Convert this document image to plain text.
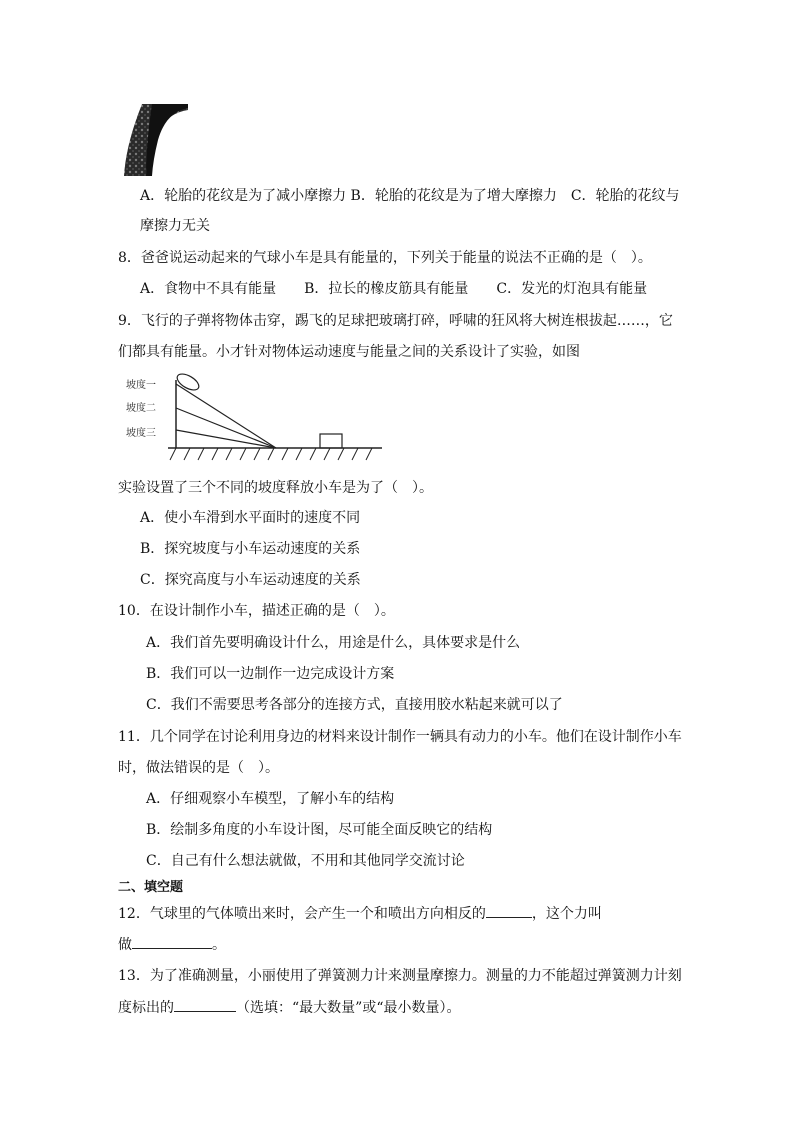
A．轮胎的花纹是为了减小摩擦力 B．轮胎的花纹是为了增大摩擦力　C．轮胎的花纹与
摩擦力无关
8．爸爸说运动起来的气球小车是具有能量的，下列关于能量的说法不正确的是（　）。
A．食物中不具有能量　　B．拉长的橡皮筋具有能量　　C．发光的灯泡具有能量
9．飞行的子弹将物体击穿，踢飞的足球把玻璃打碎，呼啸的狂风将大树连根拔起……，它
们都具有能量。小才针对物体运动速度与能量之间的关系设计了实验，如图
坡度一
坡度二
坡度三
实验设置了三个不同的坡度释放小车是为了（　）。
A．使小车滑到水平面时的速度不同
B．探究坡度与小车运动速度的关系
C．探究高度与小车运动速度的关系
10．在设计制作小车，描述正确的是（　）。
A．我们首先要明确设计什么，用途是什么，具体要求是什么
B．我们可以一边制作一边完成设计方案
C．我们不需要思考各部分的连接方式，直接用胶水粘起来就可以了
11．几个同学在讨论利用身边的材料来设计制作一辆具有动力的小车。他们在设计制作小车
时，做法错误的是（　）。
A．仔细观察小车模型，了解小车的结构
B．绘制多角度的小车设计图，尽可能全面反映它的结构
C．自己有什么想法就做，不用和其他同学交流讨论
二、填空题
12．气球里的气体喷出来时，会产生一个和喷出方向相反的	，这个力叫
做	。
13．为了准确测量，小丽使用了弹簧测力计来测量摩擦力。测量的力不能超过弹簧测力计刻
度标出的	（选填：“最大数量”或“最小数量）。
